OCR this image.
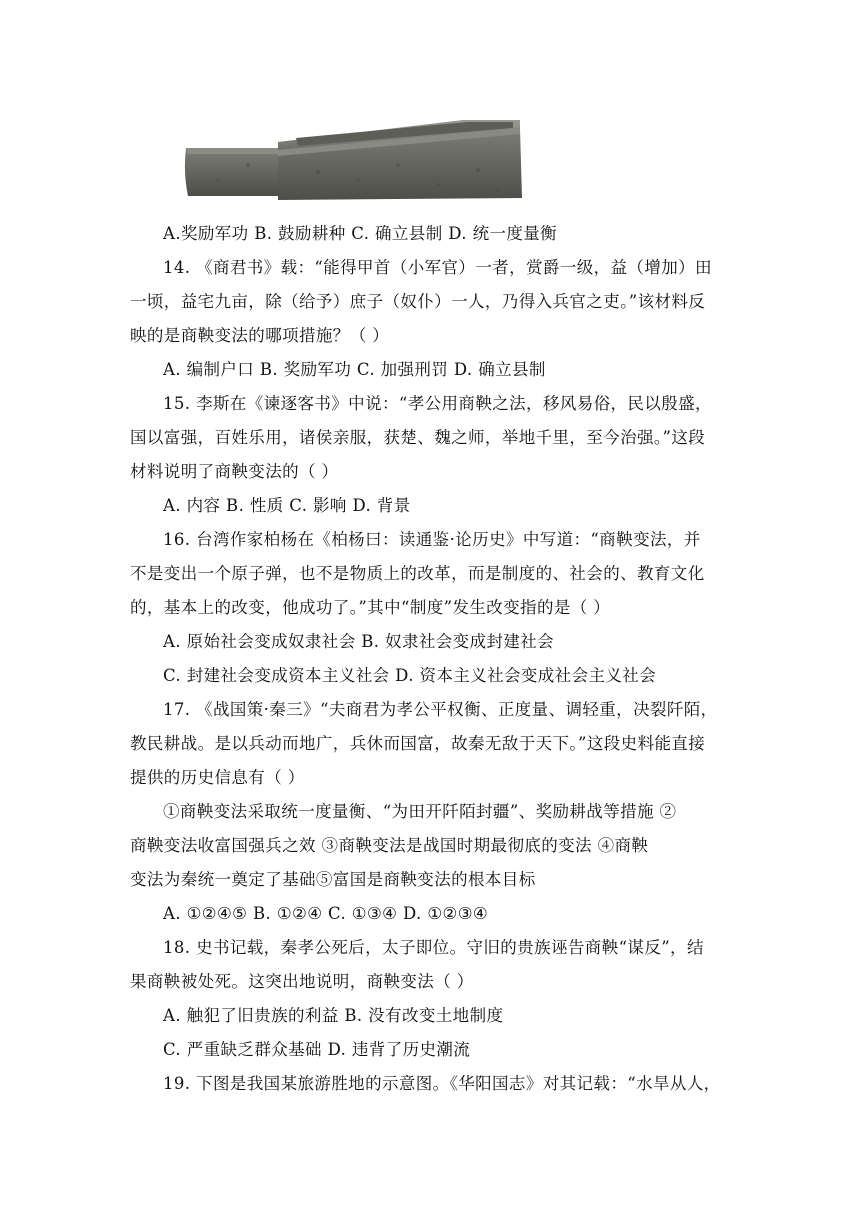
A.奖励军功 B. 鼓励耕种 C. 确立县制 D. 统一度量衡
14. 《商君书》载：“能得甲首（小军官）一者，赏爵一级，益（增加）田
一顷，益宅九亩，除（给予）庶子（奴仆）一人，乃得入兵官之吏。”该材料反
映的是商鞅变法的哪项措施？（ ）
A. 编制户口 B. 奖励军功 C. 加强刑罚 D. 确立县制
15. 李斯在《谏逐客书》中说：“孝公用商鞅之法，移风易俗，民以殷盛，
国以富强，百姓乐用，诸侯亲服，获楚、魏之师，举地千里，至今治强。”这段
材料说明了商鞅变法的（ ）
A. 内容 B. 性质 C. 影响 D. 背景
16. 台湾作家柏杨在《柏杨曰：读通鉴·论历史》中写道：“商鞅变法，并
不是变出一个原子弹，也不是物质上的改革，而是制度的、社会的、教育文化
的，基本上的改变，他成功了。”其中“制度”发生改变指的是（ ）
A. 原始社会变成奴隶社会 B. 奴隶社会变成封建社会
C. 封建社会变成资本主义社会 D. 资本主义社会变成社会主义社会
17. 《战国策·秦三》“夫商君为孝公平权衡、正度量、调轻重，决裂阡陌，
教民耕战。是以兵动而地广，兵休而国富，故秦无敌于天下。”这段史料能直接
提供的历史信息有（ ）
①商鞅变法采取统一度量衡、“为田开阡陌封疆”、奖励耕战等措施 ②
商鞅变法收富国强兵之效 ③商鞅变法是战国时期最彻底的变法 ④商鞅
变法为秦统一奠定了基础⑤富国是商鞅变法的根本目标
A. ①②④⑤ B. ①②④ C. ①③④ D. ①②③④
18. 史书记载，秦孝公死后，太子即位。守旧的贵族诬告商鞅“谋反”，结
果商鞅被处死。这突出地说明，商鞅变法（ ）
A. 触犯了旧贵族的利益 B. 没有改变土地制度
C. 严重缺乏群众基础 D. 违背了历史潮流
19. 下图是我国某旅游胜地的示意图。《华阳国志》对其记载：“水旱从人，
